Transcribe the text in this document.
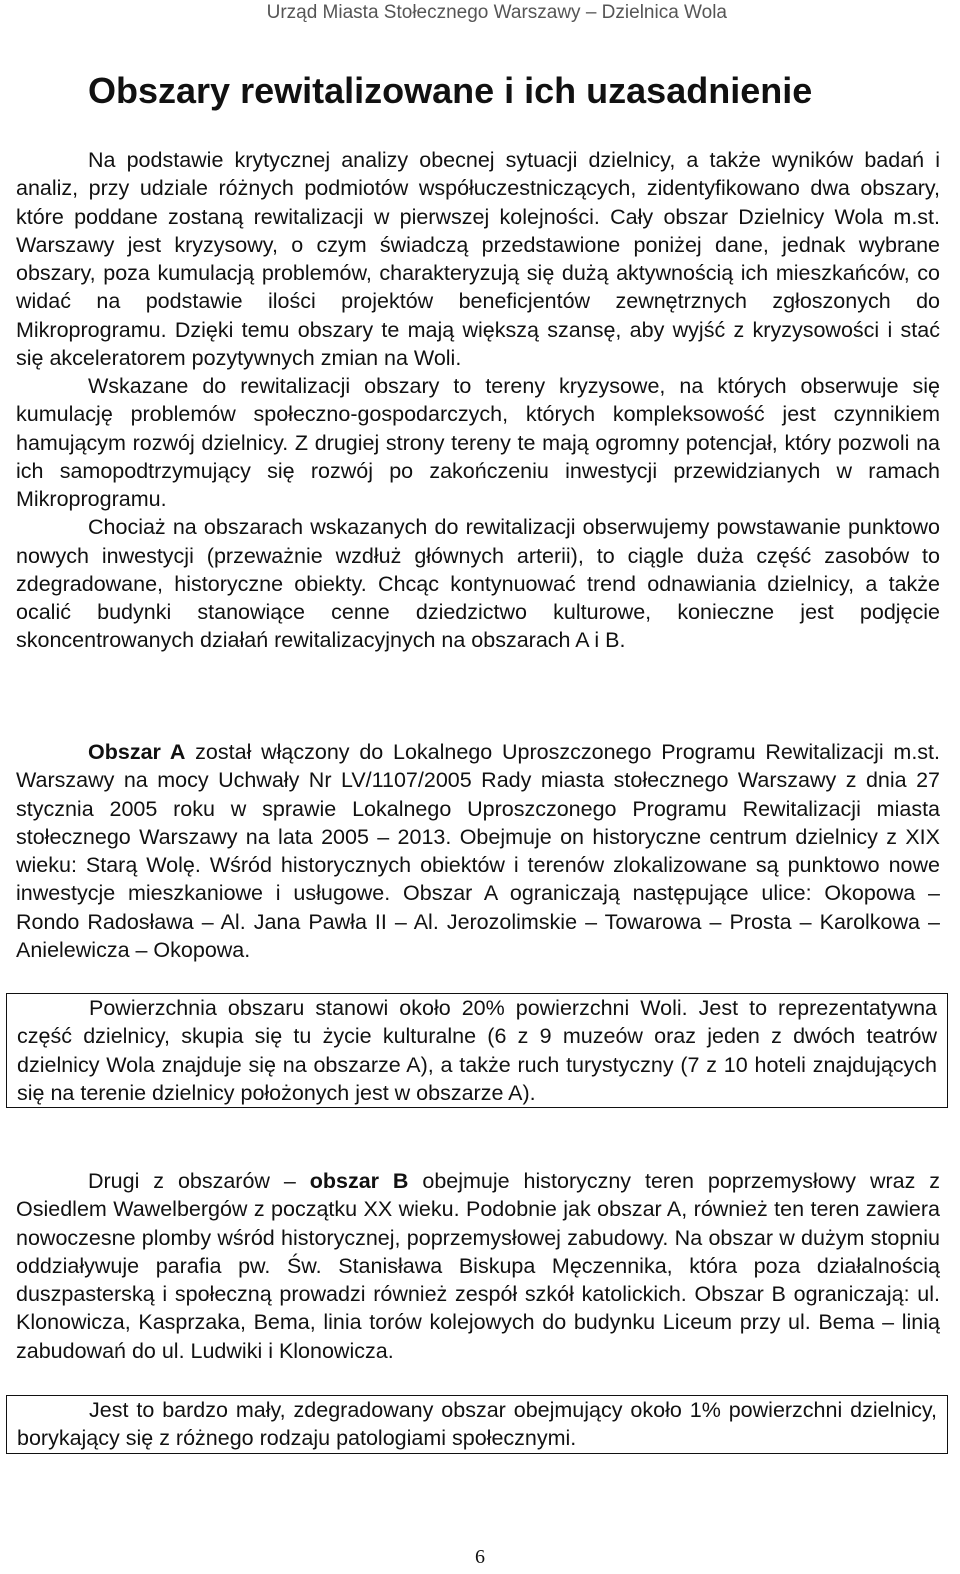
Urząd Miasta Stołecznego Warszawy – Dzielnica Wola
Obszary rewitalizowane i ich uzasadnienie

Na podstawie krytycznej analizy obecnej sytuacji dzielnicy, a także wyników badań i analiz, przy udziale różnych podmiotów współuczestniczących, zidentyfikowano dwa obszary, które poddane zostaną rewitalizacji w pierwszej kolejności. Cały obszar Dzielnicy Wola m.st. Warszawy jest kryzysowy, o czym świadczą przedstawione poniżej dane, jednak wybrane obszary, poza kumulacją problemów, charakteryzują się dużą aktywnością ich mieszkańców, co widać na podstawie ilości projektów beneficjentów zewnętrznych zgłoszonych do Mikroprogramu. Dzięki temu obszary te mają większą szansę, aby wyjść z kryzysowości i stać się akceleratorem pozytywnych zmian na Woli.

Wskazane do rewitalizacji obszary to tereny kryzysowe, na których obserwuje się kumulację problemów społeczno-gospodarczych, których kompleksowość jest czynnikiem hamującym rozwój dzielnicy. Z drugiej strony tereny te mają ogromny potencjał, który pozwoli na ich samopodtrzymujący się rozwój po zakończeniu inwestycji przewidzianych w ramach Mikroprogramu.

Chociaż na obszarach wskazanych do rewitalizacji obserwujemy powstawanie punktowo nowych inwestycji (przeważnie wzdłuż głównych arterii), to ciągle duża część zasobów to zdegradowane, historyczne obiekty. Chcąc kontynuować trend odnawiania dzielnicy, a także ocalić budynki stanowiące cenne dziedzictwo kulturowe, konieczne jest podjęcie skoncentrowanych działań rewitalizacyjnych na obszarach A i B.

Obszar A został włączony do Lokalnego Uproszczonego Programu Rewitalizacji m.st. Warszawy na mocy Uchwały Nr LV/1107/2005 Rady miasta stołecznego Warszawy z dnia 27 stycznia 2005 roku w sprawie Lokalnego Uproszczonego Programu Rewitalizacji miasta stołecznego Warszawy na lata 2005 – 2013. Obejmuje on historyczne centrum dzielnicy z XIX wieku: Starą Wolę. Wśród historycznych obiektów i terenów zlokalizowane są punktowo nowe inwestycje mieszkaniowe i usługowe. Obszar A ograniczają następujące ulice: Okopowa – Rondo Radosława – Al. Jana Pawła II – Al. Jerozolimskie – Towarowa – Prosta – Karolkowa – Anielewicza – Okopowa.

Powierzchnia obszaru stanowi około 20% powierzchni Woli. Jest to reprezentatywna część dzielnicy, skupia się tu życie kulturalne (6 z 9 muzeów oraz jeden z dwóch teatrów dzielnicy Wola znajduje się na obszarze A), a także ruch turystyczny (7 z 10 hoteli znajdujących się na terenie dzielnicy położonych jest w obszarze A).

Drugi z obszarów – obszar B obejmuje historyczny teren poprzemysłowy wraz z Osiedlem Wawelbergów z początku XX wieku. Podobnie jak obszar A, również ten teren zawiera nowoczesne plomby wśród historycznej, poprzemysłowej zabudowy. Na obszar w dużym stopniu oddziaływuje parafia pw. Św. Stanisława Biskupa Męczennika, która poza działalnością duszpasterską i społeczną prowadzi również zespół szkół katolickich. Obszar B ograniczają: ul. Klonowicza, Kasprzaka, Bema, linia torów kolejowych do budynku Liceum przy ul. Bema – linią zabudowań do ul. Ludwiki i Klonowicza.

Jest to bardzo mały, zdegradowany obszar obejmujący około 1% powierzchni dzielnicy, borykający się z różnego rodzaju patologiami społecznymi.

6
